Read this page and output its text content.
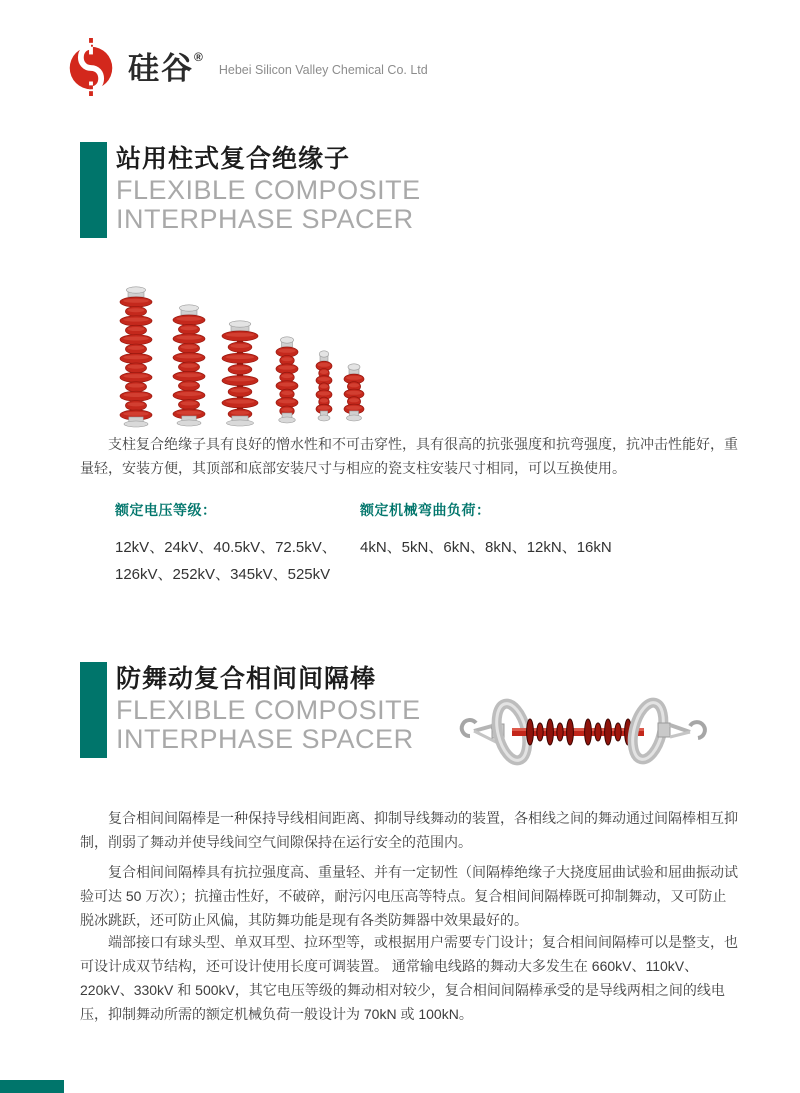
硅谷®
Hebei Silicon Valley Chemical Co. Ltd
站用柱式复合绝缘子
FLEXIBLE COMPOSITE
INTERPHASE SPACER

支柱复合绝缘子具有良好的憎水性和不可击穿性，具有很高的抗张强度和抗弯强度，抗冲击性能好，重量轻，安装方便，其顶部和底部安装尺寸与相应的瓷支柱安装尺寸相同，可以互换使用。

额定电压等级：
12kV、24kV、40.5kV、72.5kV、
126kV、252kV、345kV、525kV
额定机械弯曲负荷：
4kN、5kN、6kN、8kN、12kN、16kN
防舞动复合相间间隔棒
FLEXIBLE COMPOSITE
INTERPHASE SPACER

复合相间间隔棒是一种保持导线相间距离、抑制导线舞动的装置，各相线之间的舞动通过间隔棒相互抑制，削弱了舞动并使导线间空气间隙保持在运行安全的范围内。

复合相间间隔棒具有抗拉强度高、重量轻、并有一定韧性（间隔棒绝缘子大挠度屈曲试验和屈曲振动试验可达 50 万次）；抗撞击性好，不破碎，耐污闪电压高等特点。复合相间间隔棒既可抑制舞动，又可防止脱冰跳跃，还可防止风偏，其防舞功能是现有各类防舞器中效果最好的。

端部接口有球头型、单双耳型、拉环型等，或根据用户需要专门设计；复合相间间隔棒可以是整支，也可设计成双节结构，还可设计使用长度可调装置。 通常输电线路的舞动大多发生在 660kV、110kV、220kV、330kV 和 500kV，其它电压等级的舞动相对较少，复合相间间隔棒承受的是导线两相之间的线电压，抑制舞动所需的额定机械负荷一般设计为 70kN 或 100kN。
